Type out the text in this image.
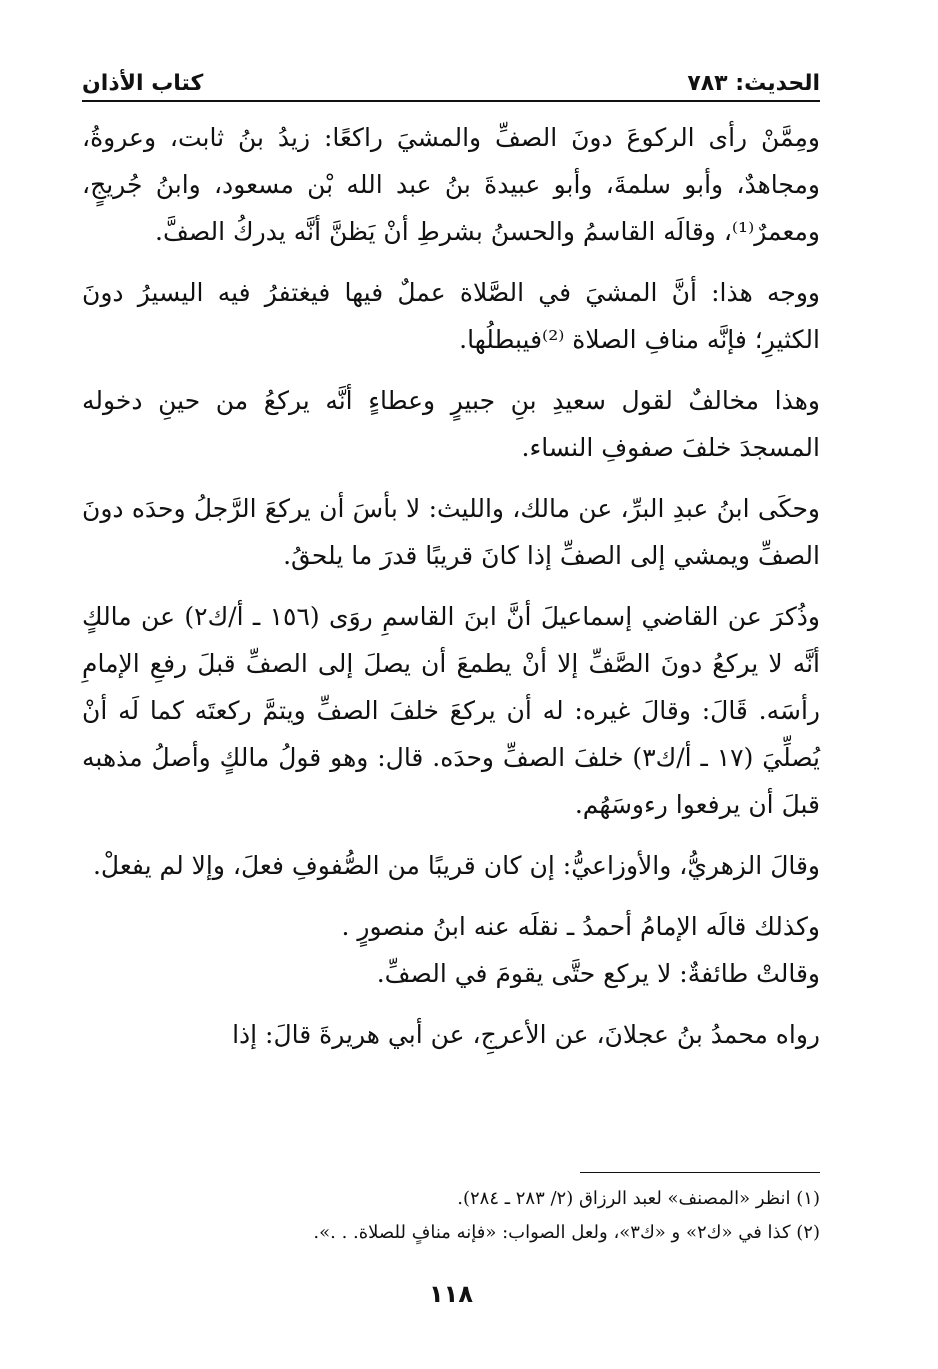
الحديث: ٧٨٣
كتاب الأذان

ومِمَّنْ رأى الركوعَ دونَ الصفِّ والمشيَ راكعًا: زيدُ بنُ ثابت، وعروةُ، ومجاهدٌ، وأبو سلمةَ، وأبو عبيدةَ بنُ عبد الله بْن مسعود، وابنُ جُريجٍ، ومعمرٌ⁽¹⁾، وقالَه القاسمُ والحسنُ بشرطِ أنْ يَظنَّ أنَّه يدركُ الصفَّ.

ووجه هذا: أنَّ المشيَ في الصَّلاة عملٌ فيها فيغتفرُ فيه اليسيرُ دونَ الكثيرِ؛ فإنَّه منافِ الصلاة ⁽²⁾فيبطلُها.

وهذا مخالفٌ لقول سعيدِ بنِ جبيرٍ وعطاءٍ أنَّه يركعُ من حينِ دخوله المسجدَ خلفَ صفوفِ النساء.

وحكَى ابنُ عبدِ البرِّ، عن مالك، والليث: لا بأسَ أن يركعَ الرَّجلُ وحدَه دونَ الصفِّ ويمشي إلى الصفِّ إذا كانَ قريبًا قدرَ ما يلحقُ.

وذُكرَ عن القاضي إسماعيلَ أنَّ ابنَ القاسمِ روَى (١٥٦ ـ أ/ك٢) عن مالكٍ أنَّه لا يركعُ دونَ الصَّفِّ إلا أنْ يطمعَ أن يصلَ إلى الصفِّ قبلَ رفعِ الإمامِ رأسَه. قَالَ: وقالَ غيره: له أن يركعَ خلفَ الصفِّ ويتمَّ ركعتَه كما لَه أنْ يُصلِّيَ (١٧ ـ أ/ك٣) خلفَ الصفِّ وحدَه. قال: وهو قولُ مالكٍ وأصلُ مذهبه قبلَ أن يرفعوا رءوسَهُم.

وقالَ الزهريُّ، والأوزاعيُّ: إن كان قريبًا من الصُّفوفِ فعلَ، وإلا لم يفعلْ.

وكذلك قالَه الإمامُ أحمدُ ـ نقلَه عنه ابنُ منصورٍ .

وقالتْ طائفةٌ: لا يركع حتَّى يقومَ في الصفِّ.

رواه محمدُ بنُ عجلانَ، عن الأعرجِ، عن أبي هريرةَ قالَ: إذا

(١) انظر «المصنف» لعبد الرزاق (٢/ ٢٨٣ ـ ٢٨٤).
(٢) كذا في «ك٢» و «ك٣»، ولعل الصواب: «فإنه منافٍ للصلاة. . .».
١١٨
